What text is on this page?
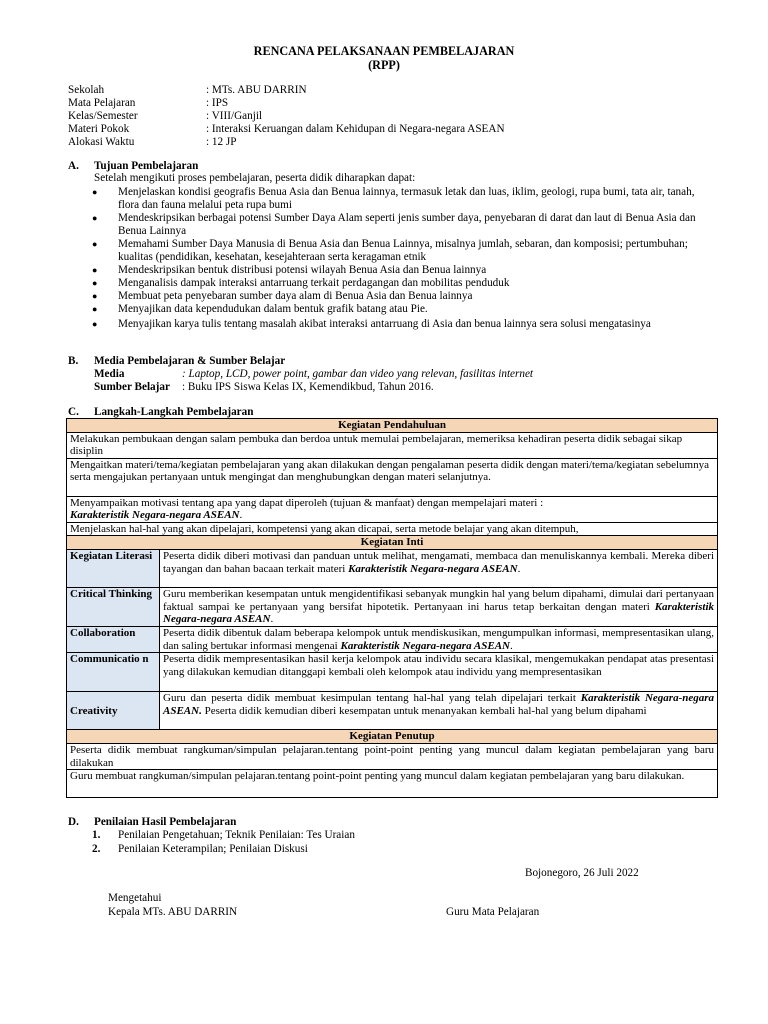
RENCANA PELAKSANAAN PEMBELAJARAN
(RPP)
Sekolah	: MTs. ABU DARRIN
Mata Pelajaran	: IPS
Kelas/Semester	: VIII/Ganjil
Materi Pokok	: Interaksi Keruangan dalam Kehidupan di Negara-negara ASEAN
Alokasi Waktu	: 12 JP
A. Tujuan Pembelajaran
Setelah mengikuti proses pembelajaran, peserta didik diharapkan dapat:
● Menjelaskan kondisi geografis Benua Asia dan Benua lainnya, termasuk letak dan luas, iklim, geologi, rupa bumi, tata air, tanah, flora dan fauna melalui peta rupa bumi
● Mendeskripsikan berbagai potensi Sumber Daya Alam seperti jenis sumber daya, penyebaran di darat dan laut di Benua Asia dan Benua Lainnya
● Memahami Sumber Daya Manusia di Benua Asia dan Benua Lainnya, misalnya jumlah, sebaran, dan komposisi; pertumbuhan; kualitas (pendidikan, kesehatan, kesejahteraan serta keragaman etnik
● Mendeskripsikan bentuk distribusi potensi wilayah Benua Asia dan Benua lainnya
● Menganalisis dampak interaksi antarruang terkait perdagangan dan mobilitas penduduk
● Membuat peta penyebaran sumber daya alam di Benua Asia dan Benua lainnya
● Menyajikan data kependudukan dalam bentuk grafik batang atau Pie.
● Menyajikan karya tulis tentang masalah akibat interaksi antarruang di Asia dan benua lainnya sera solusi mengatasinya
B. Media Pembelajaran & Sumber Belajar
Media	: Laptop, LCD, power point, gambar dan video yang relevan, fasilitas internet
Sumber Belajar : Buku IPS Siswa Kelas IX, Kemendikbud, Tahun 2016.
C. Langkah-Langkah Pembelajaran
Kegiatan Pendahuluan	
Melakukan pembukaan dengan salam pembuka dan berdoa untuk memulai pembelajaran, memeriksa kehadiran peserta didik sebagai sikap disiplin	
Mengaitkan materi/tema/kegiatan pembelajaran yang akan dilakukan dengan pengalaman peserta didik dengan materi/tema/kegiatan sebelumnya serta mengajukan pertanyaan untuk mengingat dan menghubungkan dengan materi selanjutnya.	
Menyampaikan motivasi tentang apa yang dapat diperoleh (tujuan & manfaat) dengan mempelajari materi :
Karakteristik Negara-negara ASEAN.	
Menjelaskan hal-hal yang akan dipelajari, kompetensi yang akan dicapai, serta metode belajar yang akan ditempuh,	
Kegiatan Inti	
Kegiatan Literasi	Peserta didik diberi motivasi dan panduan untuk melihat, mengamati, membaca dan menuliskannya kembali. Mereka diberi tayangan dan bahan bacaan terkait materi Karakteristik Negara-negara ASEAN.
Critical Thinking	Guru memberikan kesempatan untuk mengidentifikasi sebanyak mungkin hal yang belum dipahami, dimulai dari pertanyaan faktual sampai ke pertanyaan yang bersifat hipotetik. Pertanyaan ini harus tetap berkaitan dengan materi Karakteristik Negara-negara ASEAN.
Collaboration	Peserta didik dibentuk dalam beberapa kelompok untuk mendiskusikan, mengumpulkan informasi, mempresentasikan ulang, dan saling bertukar informasi mengenai Karakteristik Negara-negara ASEAN.
Communicatio n	Peserta didik mempresentasikan hasil kerja kelompok atau individu secara klasikal, mengemukakan pendapat atas presentasi yang dilakukan kemudian ditanggapi kembali oleh kelompok atau individu yang mempresentasikan
Creativity	Guru dan peserta didik membuat kesimpulan tentang hal-hal yang telah dipelajari terkait Karakteristik Negara-negara ASEAN. Peserta didik kemudian diberi kesempatan untuk menanyakan kembali hal-hal yang belum dipahami
Kegiatan Penutup	
Peserta didik membuat rangkuman/simpulan pelajaran.tentang point-point penting yang muncul dalam kegiatan pembelajaran yang baru dilakukan	
Guru membuat rangkuman/simpulan pelajaran.tentang point-point penting yang muncul dalam kegiatan pembelajaran yang baru dilakukan.	
D. Penilaian Hasil Pembelajaran
1. Penilaian Pengetahuan; Teknik Penilaian: Tes Uraian
2. Penilaian Keterampilan; Penilaian Diskusi
Bojonegoro, 26 Juli 2022
Mengetahui
Kepala MTs. ABU DARRIN	Guru Mata Pelajaran
